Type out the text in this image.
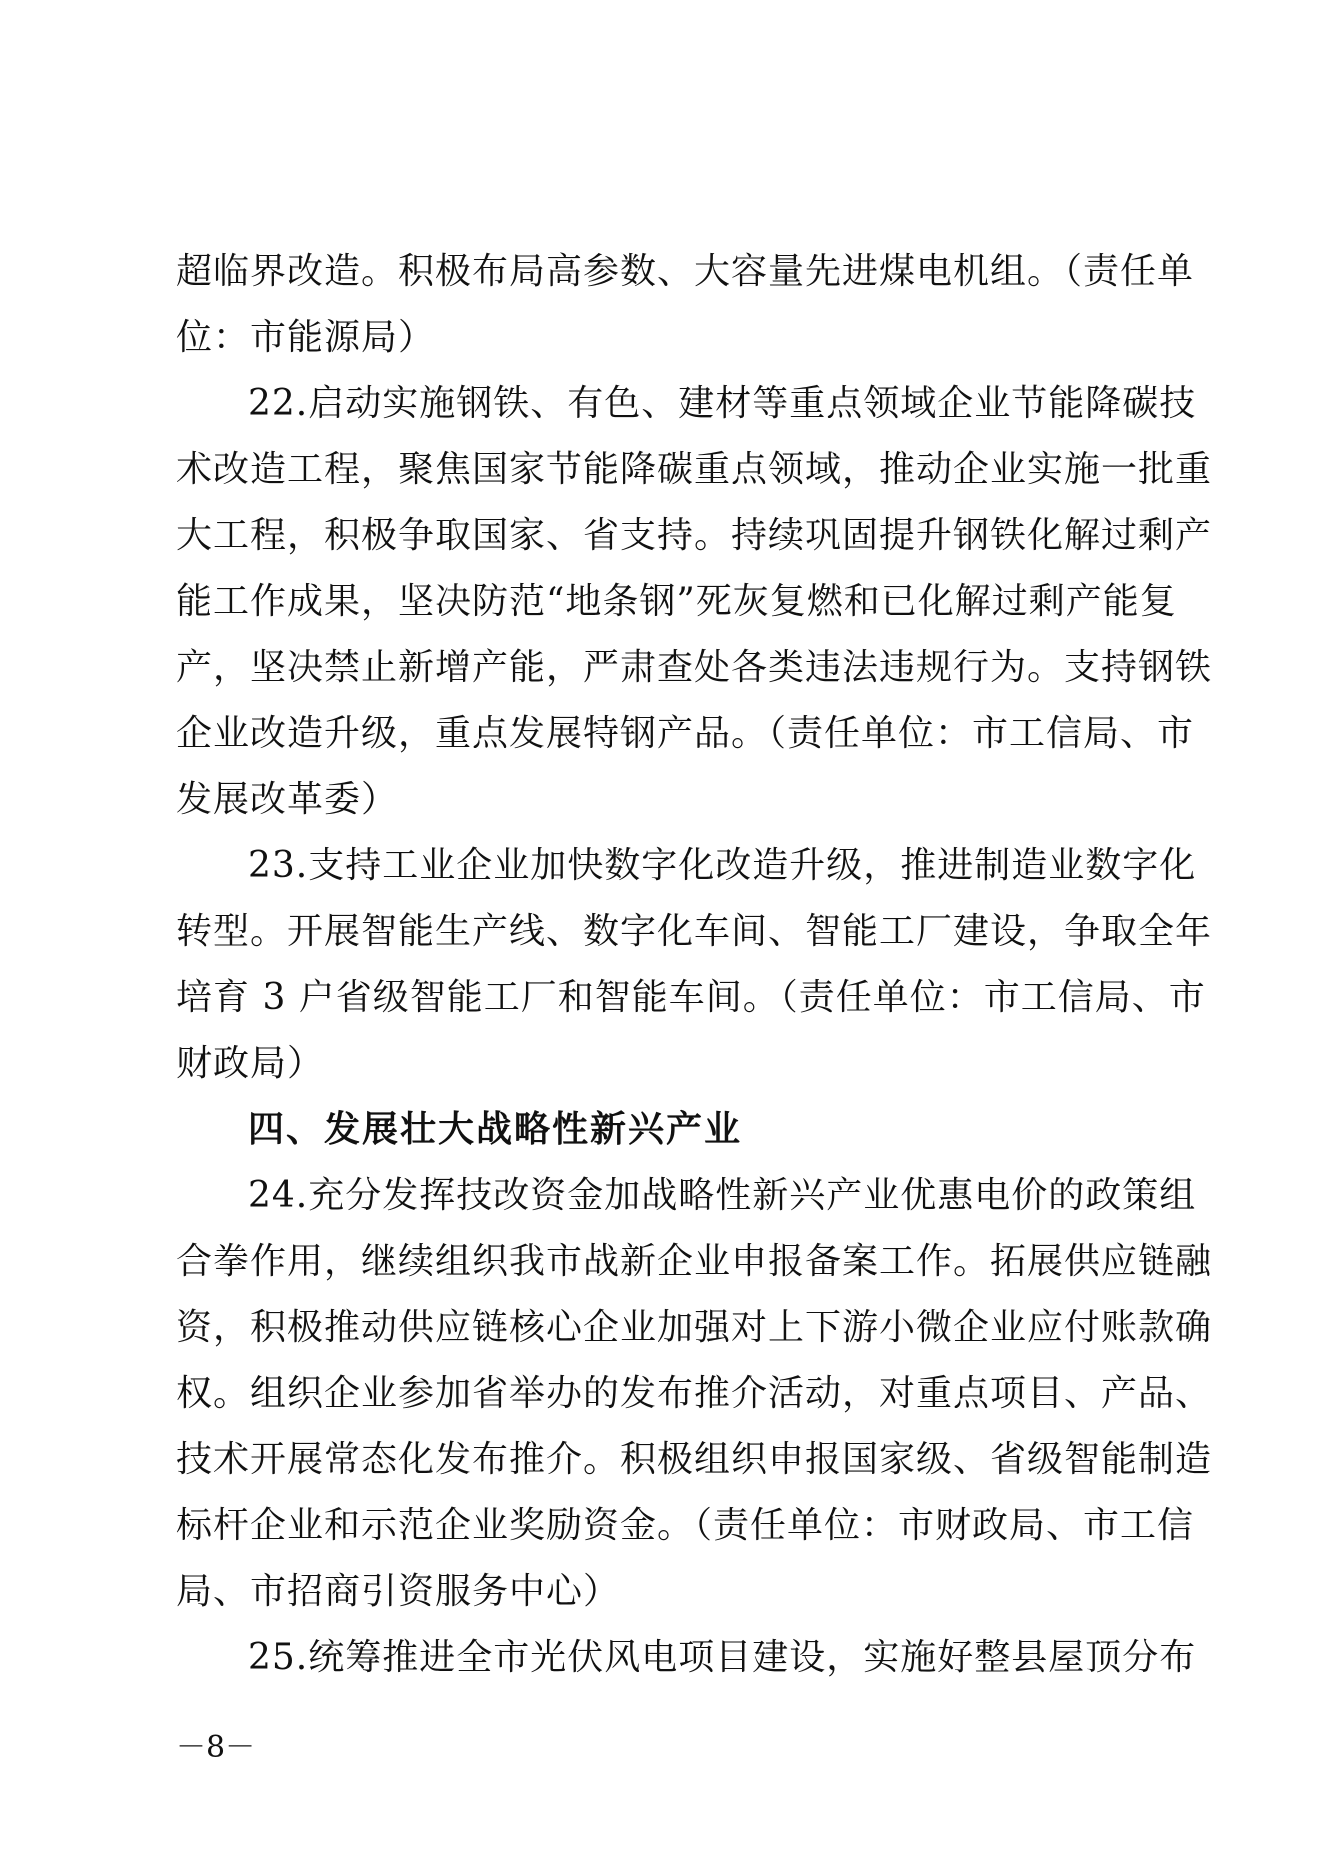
超临界改造。积极布局高参数、大容量先进煤电机组。（责任单
位：市能源局）
22.启动实施钢铁、有色、建材等重点领域企业节能降碳技
术改造工程，聚焦国家节能降碳重点领域，推动企业实施一批重
大工程，积极争取国家、省支持。持续巩固提升钢铁化解过剩产
能工作成果，坚决防范“地条钢”死灰复燃和已化解过剩产能复
产，坚决禁止新增产能，严肃查处各类违法违规行为。支持钢铁
企业改造升级，重点发展特钢产品。（责任单位：市工信局、市
发展改革委）
23.支持工业企业加快数字化改造升级，推进制造业数字化
转型。开展智能生产线、数字化车间、智能工厂建设，争取全年
培育 3 户省级智能工厂和智能车间。（责任单位：市工信局、市
财政局）
四、发展壮大战略性新兴产业
24.充分发挥技改资金加战略性新兴产业优惠电价的政策组
合拳作用，继续组织我市战新企业申报备案工作。拓展供应链融
资，积极推动供应链核心企业加强对上下游小微企业应付账款确
权。组织企业参加省举办的发布推介活动，对重点项目、产品、
技术开展常态化发布推介。积极组织申报国家级、省级智能制造
标杆企业和示范企业奖励资金。（责任单位：市财政局、市工信
局、市招商引资服务中心）
25.统筹推进全市光伏风电项目建设，实施好整县屋顶分布
－8－
